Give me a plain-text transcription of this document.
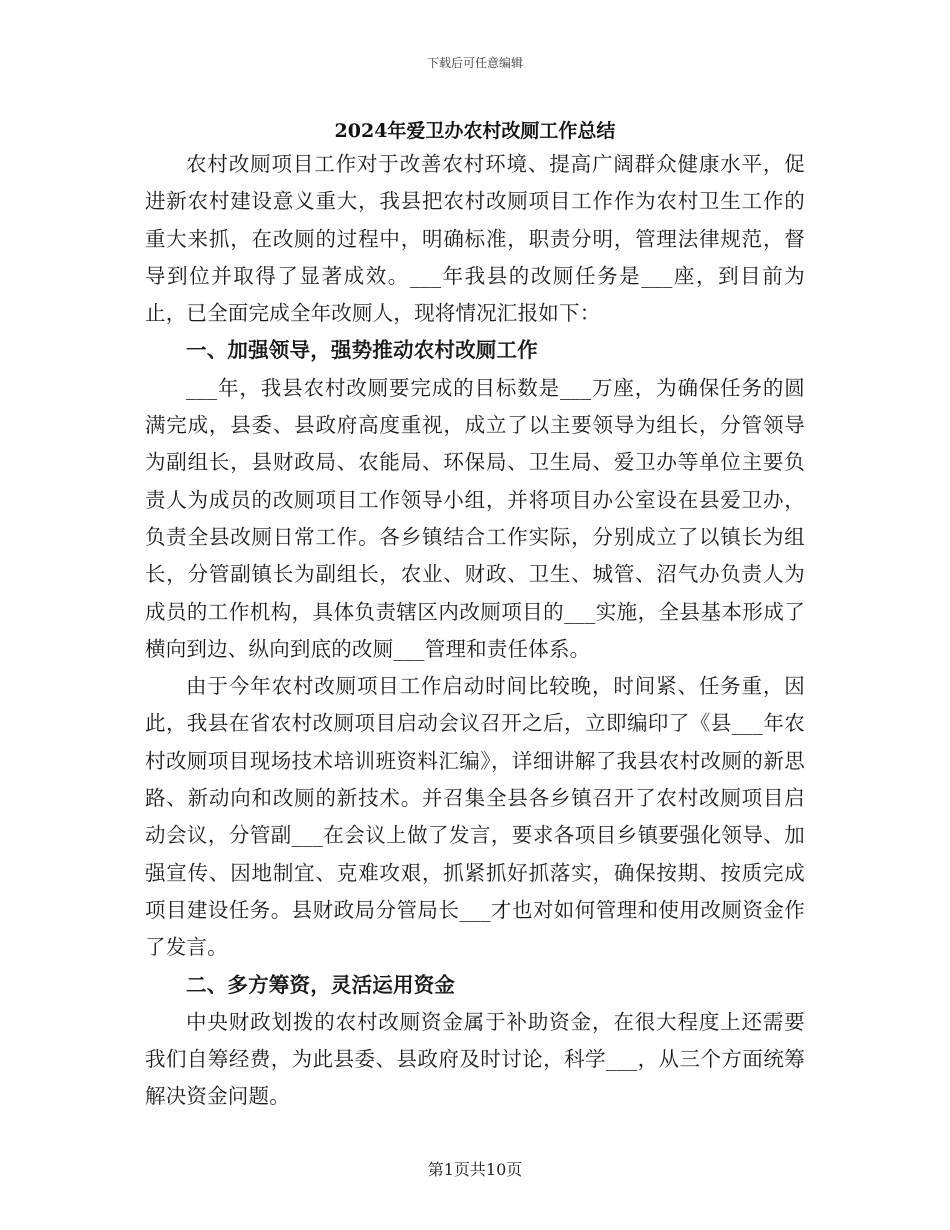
下载后可任意编辑
2024年爱卫办农村改厕工作总结

农村改厕项目工作对于改善农村环境、提高广阔群众健康水平，促进新农村建设意义重大，我县把农村改厕项目工作作为农村卫生工作的重大来抓，在改厕的过程中，明确标准，职责分明，管理法律规范，督导到位并取得了显著成效。___年我县的改厕任务是___座，到目前为止，已全面完成全年改厕人，现将情况汇报如下：

一、加强领导，强势推动农村改厕工作

___年，我县农村改厕要完成的目标数是___万座，为确保任务的圆满完成，县委、县政府高度重视，成立了以主要领导为组长，分管领导为副组长，县财政局、农能局、环保局、卫生局、爱卫办等单位主要负责人为成员的改厕项目工作领导小组，并将项目办公室设在县爱卫办，负责全县改厕日常工作。各乡镇结合工作实际，分别成立了以镇长为组长，分管副镇长为副组长，农业、财政、卫生、城管、沼气办负责人为成员的工作机构，具体负责辖区内改厕项目的___实施，全县基本形成了横向到边、纵向到底的改厕___管理和责任体系。

由于今年农村改厕项目工作启动时间比较晚，时间紧、任务重，因此，我县在省农村改厕项目启动会议召开之后，立即编印了《县___年农村改厕项目现场技术培训班资料汇编》，详细讲解了我县农村改厕的新思路、新动向和改厕的新技术。并召集全县各乡镇召开了农村改厕项目启动会议，分管副___在会议上做了发言，要求各项目乡镇要强化领导、加强宣传、因地制宜、克难攻艰，抓紧抓好抓落实，确保按期、按质完成项目建设任务。县财政局分管局长___才也对如何管理和使用改厕资金作了发言。

二、多方筹资，灵活运用资金

中央财政划拨的农村改厕资金属于补助资金，在很大程度上还需要我们自筹经费，为此县委、县政府及时讨论，科学___，从三个方面统筹解决资金问题。

第1页共10页
